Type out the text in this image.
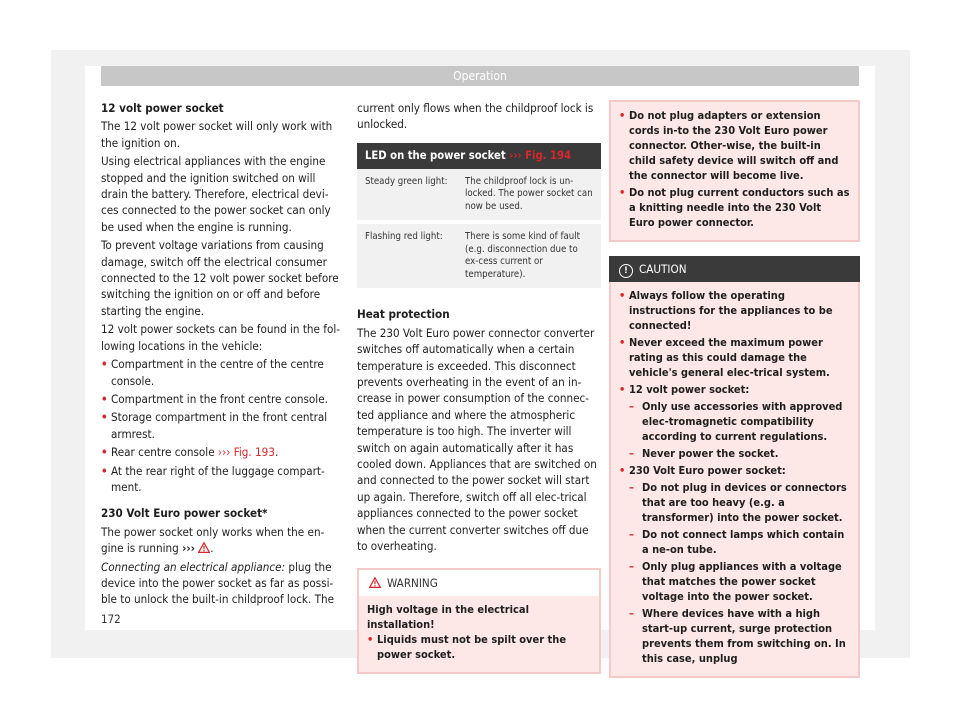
Operation

12 volt power socket

The 12 volt power socket will only work with the ignition on.

Using electrical appliances with the engine stopped and the ignition switched on will drain the battery. Therefore, electrical devi-ces connected to the power socket can only be used when the engine is running.

To prevent voltage variations from causing damage, switch off the electrical consumer connected to the 12 volt power socket before switching the ignition on or off and before starting the engine.

12 volt power sockets can be found in the fol-lowing locations in the vehicle:

• Compartment in the centre of the centre console.
• Compartment in the front centre console.
• Storage compartment in the front central armrest.
• Rear centre console ››› Fig. 193.
• At the rear right of the luggage compart-ment.

230 Volt Euro power socket*

The power socket only works when the en-gine is running ››› .

Connecting an electrical appliance: plug the device into the power socket as far as possi-ble to unlock the built-in childproof lock. The

current only flows when the childproof lock is unlocked.

LED on the power socket ››› Fig. 194	
Steady green light:	The childproof lock is un-locked. The power socket can now be used.
Flashing red light:	There is some kind of fault (e.g. disconnection due to ex-cess current or temperature).

Heat protection

The 230 Volt Euro power connector converter switches off automatically when a certain temperature is exceeded. This disconnect prevents overheating in the event of an in-crease in power consumption of the connec-ted appliance and where the atmospheric temperature is too high. The inverter will switch on again automatically after it has cooled down. Appliances that are switched on and connected to the power socket will start up again. Therefore, switch off all elec-trical appliances connected to the power socket when the current converter switches off due to overheating.

WARNING
High voltage in the electrical installation!
• Liquids must not be spilt over the power socket.
• Do not plug adapters or extension cords in-to the 230 Volt Euro power connector. Other-wise, the built-in child safety device will switch off and the connector will become live.
• Do not plug current conductors such as a knitting needle into the 230 Volt Euro power connector.
! CAUTION
• Always follow the operating instructions for the appliances to be connected!
• Never exceed the maximum power rating as this could damage the vehicle's general elec-trical system.
• 12 volt power socket:
– Only use accessories with approved elec-tromagnetic compatibility according to current regulations.
– Never power the socket.
• 230 Volt Euro power socket:
– Do not plug in devices or connectors that are too heavy (e.g. a transformer) into the power socket.
– Do not connect lamps which contain a ne-on tube.
– Only plug appliances with a voltage that matches the power socket voltage into the power socket.
– Where devices have with a high start-up current, surge protection prevents them from switching on. In this case, unplug
172
